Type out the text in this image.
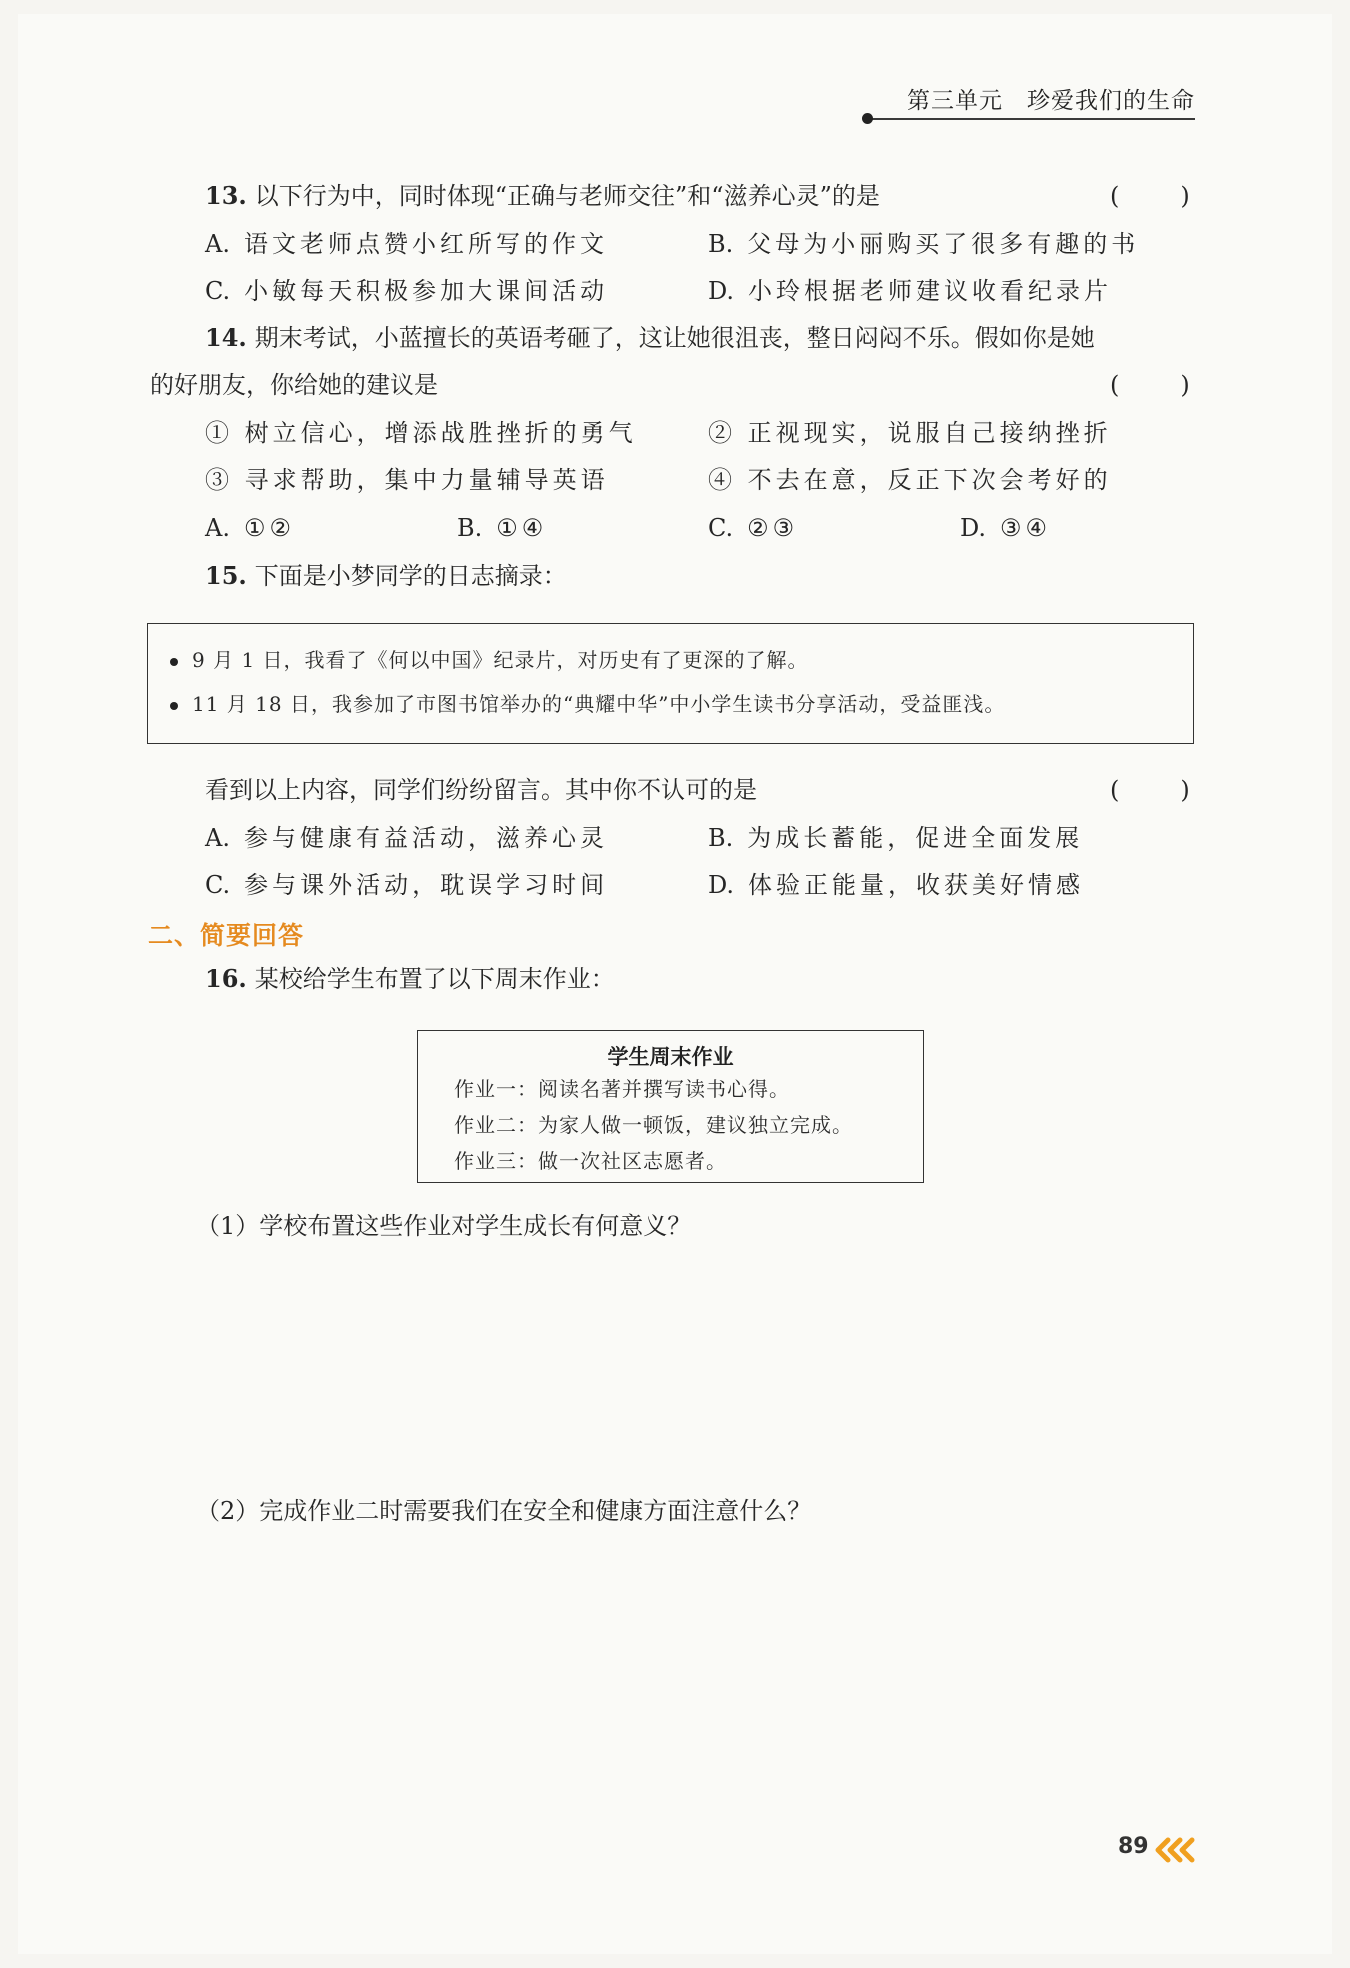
第三单元　珍爱我们的生命
13. 以下行为中，同时体现“正确与老师交往”和“滋养心灵”的是	(        )
A. 语文老师点赞小红所写的作文	B. 父母为小丽购买了很多有趣的书
C. 小敏每天积极参加大课间活动	D. 小玲根据老师建议收看纪录片
14. 期末考试，小蓝擅长的英语考砸了，这让她很沮丧，整日闷闷不乐。假如你是她
的好朋友，你给她的建议是	(        )
① 树立信心，增添战胜挫折的勇气	② 正视现实，说服自己接纳挫折
③ 寻求帮助，集中力量辅导英语	④ 不去在意，反正下次会考好的
A. ①②	B. ①④	C. ②③	D. ③④
15. 下面是小梦同学的日志摘录：
9 月 1 日，我看了《何以中国》纪录片，对历史有了更深的了解。
11 月 18 日，我参加了市图书馆举办的“典耀中华”中小学生读书分享活动，受益匪浅。
看到以上内容，同学们纷纷留言。其中你不认可的是	(        )
A. 参与健康有益活动，滋养心灵	B. 为成长蓄能，促进全面发展
C. 参与课外活动，耽误学习时间	D. 体验正能量，收获美好情感
二、简要回答
16. 某校给学生布置了以下周末作业：
学生周末作业
作业一：阅读名著并撰写读书心得。
作业二：为家人做一顿饭，建议独立完成。
作业三：做一次社区志愿者。
（1）学校布置这些作业对学生成长有何意义？
（2）完成作业二时需要我们在安全和健康方面注意什么？
89
